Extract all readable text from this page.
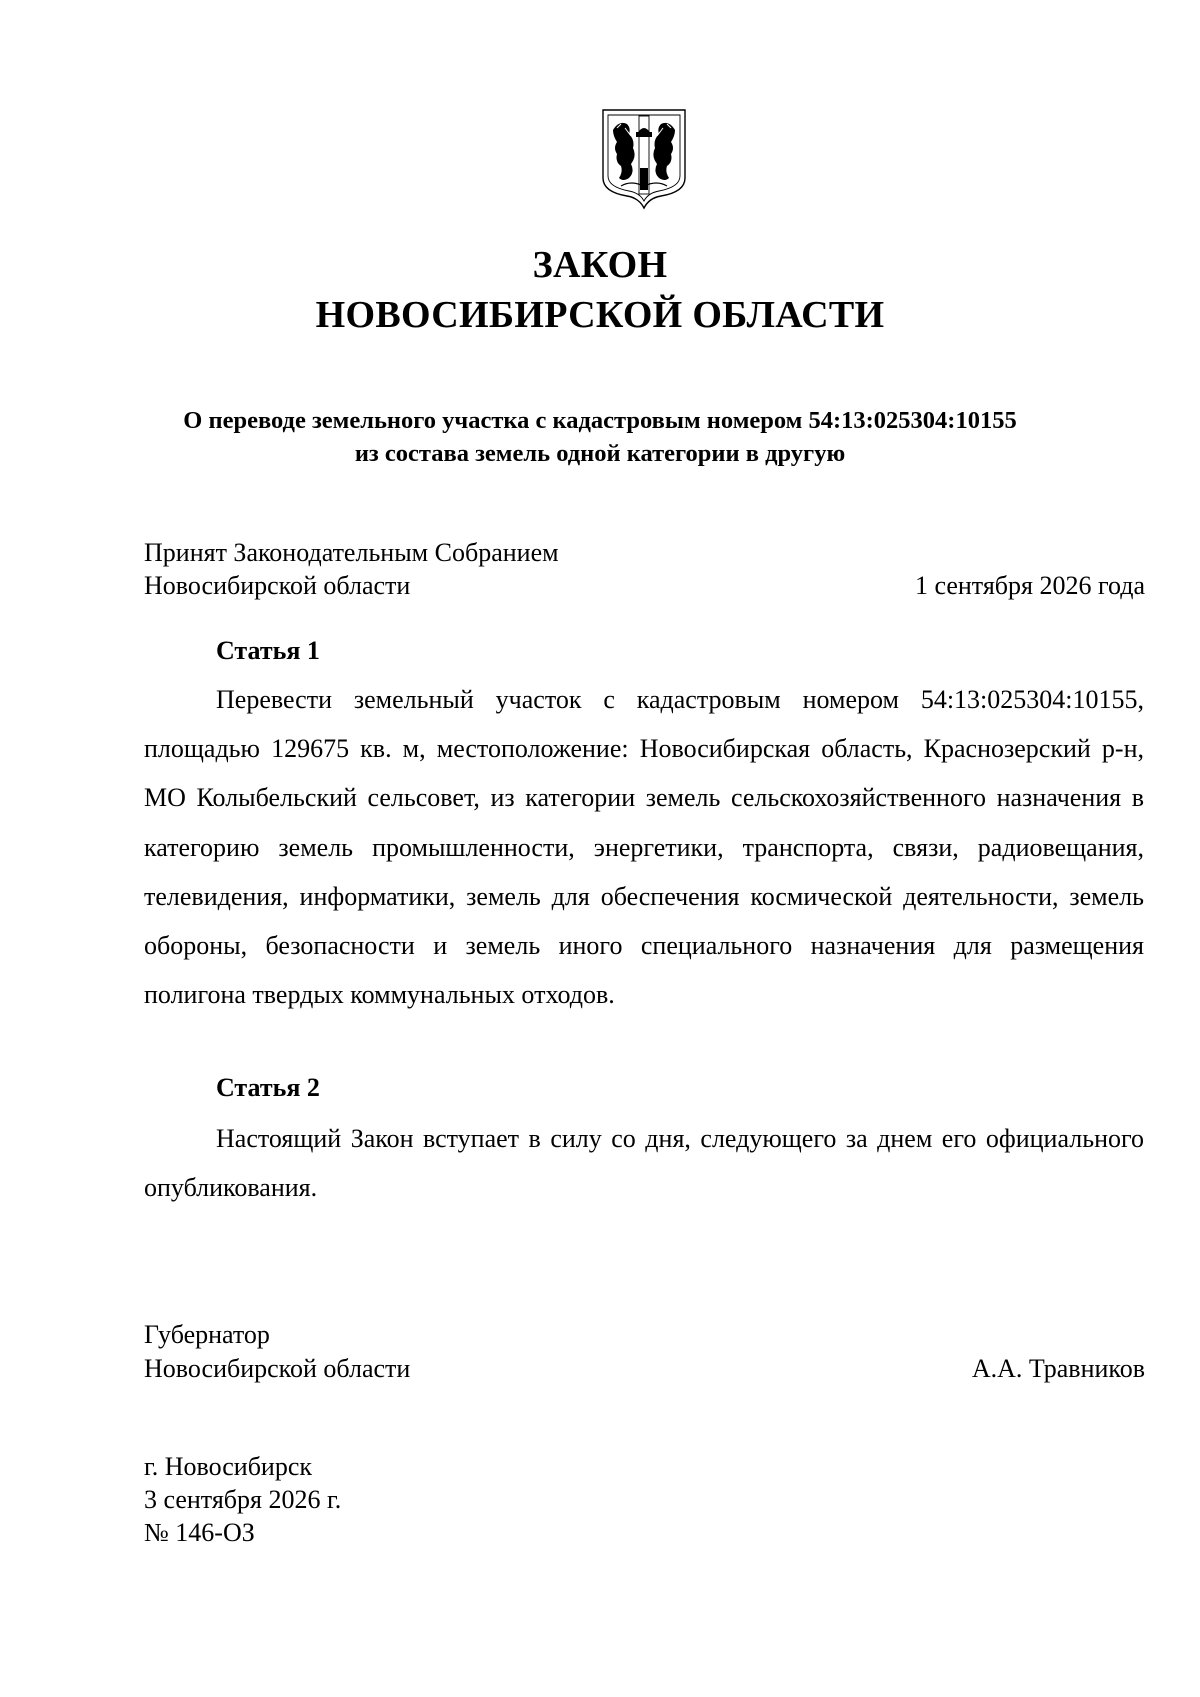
ЗАКОН
НОВОСИБИРСКОЙ ОБЛАСТИ
О переводе земельного участка с кадастровым номером 54:13:025304:10155
из состава земель одной категории в другую
Принят Законодательным Собранием
Новосибирской области	1 сентября 2026 года
Статья 1

Перевести земельный участок с кадастровым номером 54:13:025304:10155, площадью 129675 кв. м, местоположение: Новосибирская область, Краснозерский р-н, МО Колыбельский сельсовет, из категории земель сельскохозяйственного назначения в категорию земель промышленности, энергетики, транспорта, связи, радиовещания, телевидения, информатики, земель для обеспечения космической деятельности, земель обороны, безопасности и земель иного специального назначения для размещения полигона твердых коммунальных отходов.

Статья 2

Настоящий Закон вступает в силу со дня, следующего за днем его официального опубликования.

Губернатор
Новосибирской области	А.А. Травников
г. Новосибирск
3 сентября 2026 г.
№ 146-ОЗ
